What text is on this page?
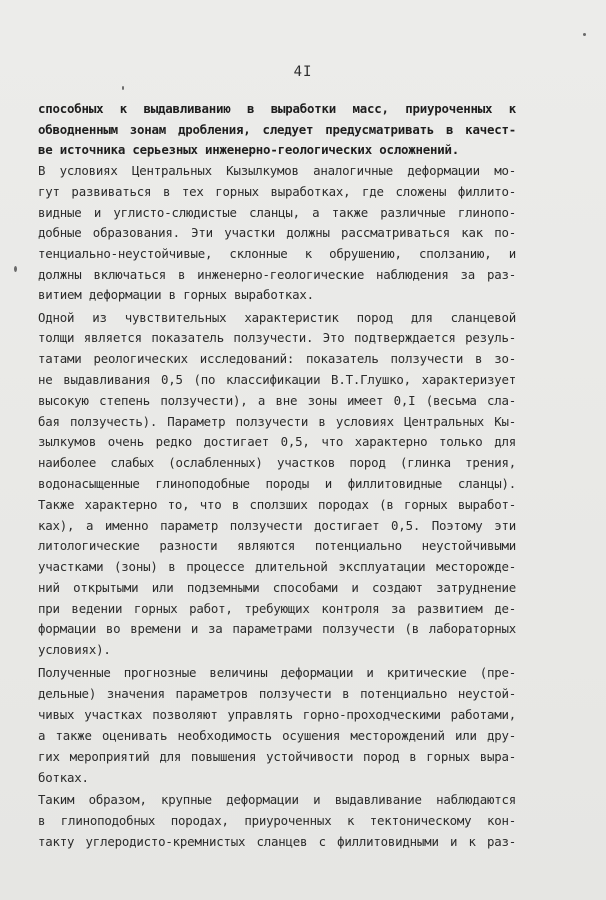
4I
способных к выдавливанию в выработки масс, приуроченных к
обводненным зонам дробления, следует предусматривать в качест-
ве источника серьезных инженерно-геологических осложнений.
В условиях Центральных Кызылкумов аналогичные деформации мо-
гут развиваться в тех горных выработках, где сложены филлито-
видные и углисто-слюдистые сланцы, а также различные глинопо-
добные образования. Эти участки должны рассматриваться как по-
тенциально-неустойчивые, склонные к обрушению, сползанию, и
должны включаться в инженерно-геологические наблюдения за раз-
витием деформации в горных выработках.
Одной из чувствительных характеристик пород для сланцевой
толщи является показатель ползучести. Это подтверждается резуль-
татами реологических исследований: показатель ползучести в зо-
не выдавливания 0,5 (по классификации В.Т.Глушко, характеризует
высокую степень ползучести), а вне зоны имеет 0,I (весьма сла-
бая ползучесть). Параметр ползучести в условиях Центральных Кы-
зылкумов очень редко достигает 0,5, что характерно только для
наиболее слабых (ослабленных) участков пород (глинка трения,
водонасыщенные глиноподобные породы и филлитовидные сланцы).
Также характерно то, что в сползших породах (в горных выработ-
ках), а именно параметр ползучести достигает 0,5. Поэтому эти
литологические разности являются потенциально неустойчивыми
участками (зоны) в процессе длительной эксплуатации месторожде-
ний открытыми или подземными способами и создают затруднение
при ведении горных работ, требующих контроля за развитием де-
формации во времени и за параметрами ползучести (в лабораторных
условиях).
Полученные прогнозные величины деформации и критические (пре-
дельные) значения параметров ползучести в потенциально неустой-
чивых участках позволяют управлять горно-проходческими работами,
а также оценивать необходимость осушения месторождений или дру-
гих мероприятий для повышения устойчивости пород в горных выра-
ботках.
Таким образом, крупные деформации и выдавливание наблюдаются
в глиноподобных породах, приуроченных к тектоническому кон-
такту углеродисто-кремнистых сланцев с филлитовидными и к раз-
